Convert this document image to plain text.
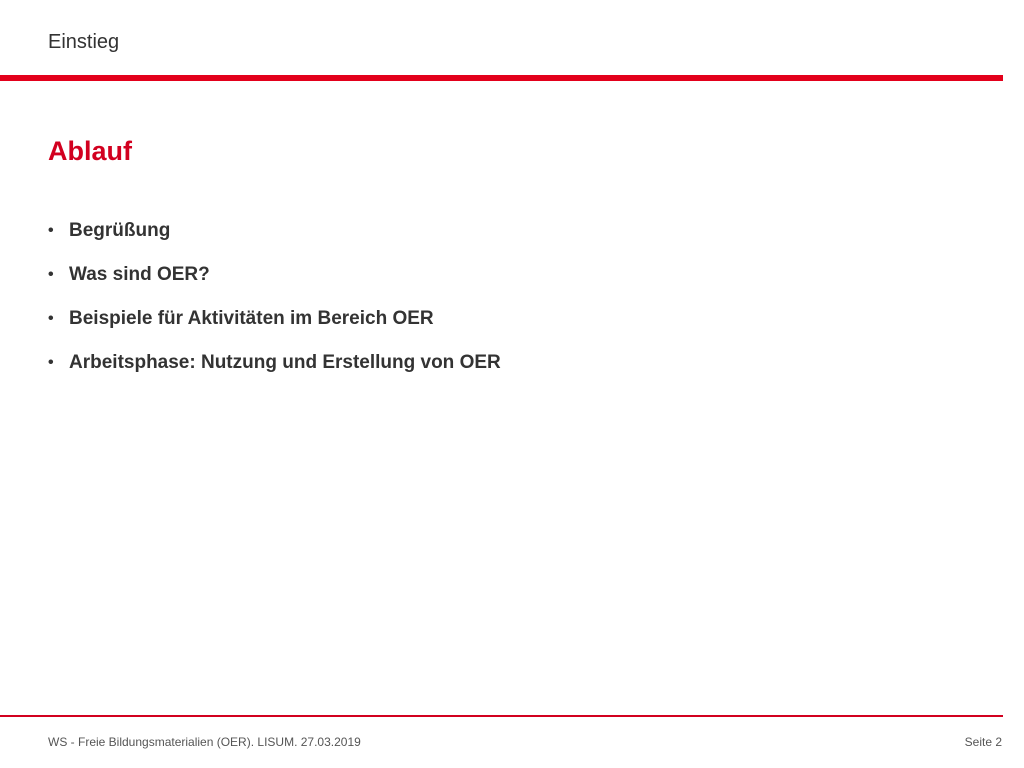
Einstieg
Ablauf
• Begrüßung
• Was sind OER?
• Beispiele für Aktivitäten im Bereich OER
• Arbeitsphase: Nutzung und Erstellung von OER
WS - Freie Bildungsmaterialien (OER). LISUM. 27.03.2019	Seite 2
